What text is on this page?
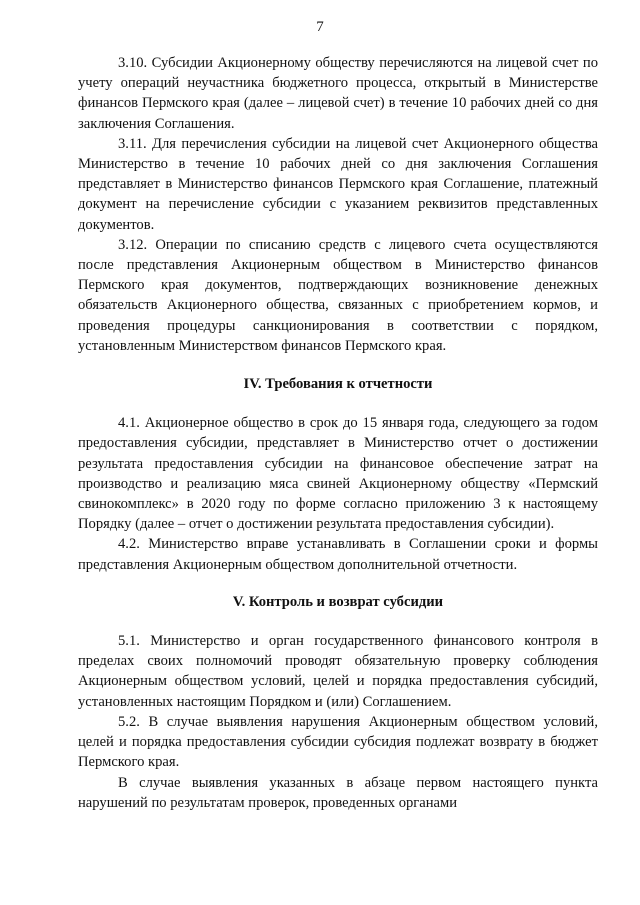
7

3.10. Субсидии Акционерному обществу перечисляются на лицевой счет по учету операций неучастника бюджетного процесса, открытый в Министерстве финансов Пермского края (далее – лицевой счет) в течение 10 рабочих дней со дня заключения Соглашения.

3.11. Для перечисления субсидии на лицевой счет Акционерного общества Министерство в течение 10 рабочих дней со дня заключения Соглашения представляет в Министерство финансов Пермского края Соглашение, платежный документ на перечисление субсидии с указанием реквизитов представленных документов.

3.12. Операции по списанию средств с лицевого счета осуществляются после представления Акционерным обществом в Министерство финансов Пермского края документов, подтверждающих возникновение денежных обязательств Акционерного общества, связанных с приобретением кормов, и проведения процедуры санкционирования в соответствии с порядком, установленным Министерством финансов Пермского края.

IV. Требования к отчетности

4.1. Акционерное общество в срок до 15 января года, следующего за годом предоставления субсидии, представляет в Министерство отчет о достижении результата предоставления субсидии на финансовое обеспечение затрат на производство и реализацию мяса свиней Акционерному обществу «Пермский свинокомплекс» в 2020 году по форме согласно приложению 3 к настоящему Порядку (далее – отчет о достижении результата предоставления субсидии).

4.2. Министерство вправе устанавливать в Соглашении сроки и формы представления Акционерным обществом дополнительной отчетности.

V. Контроль и возврат субсидии

5.1. Министерство и орган государственного финансового контроля в пределах своих полномочий проводят обязательную проверку соблюдения Акционерным обществом условий, целей и порядка предоставления субсидий, установленных настоящим Порядком и (или) Соглашением.

5.2. В случае выявления нарушения Акционерным обществом условий, целей и порядка предоставления субсидии субсидия подлежат возврату в бюджет Пермского края.

В случае выявления указанных в абзаце первом настоящего пункта нарушений по результатам проверок, проведенных органами
